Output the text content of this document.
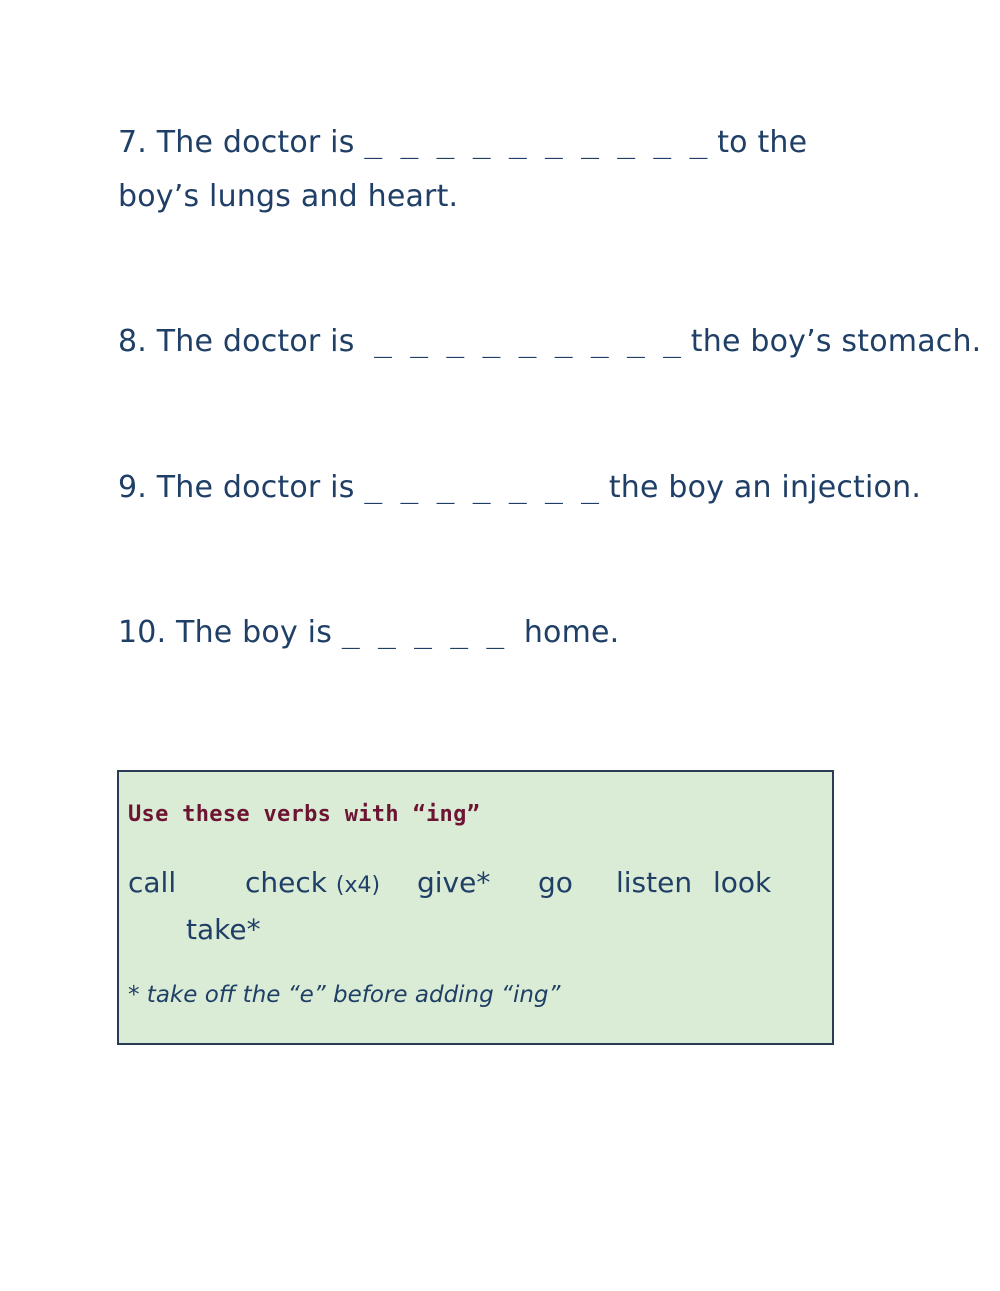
7. The doctor is _ _ _ _ _ _ _ _ _ _ to the boy’s lungs and heart.
8. The doctor is  _ _ _ _ _ _ _ _ _ the boy’s stomach.
9. The doctor is _ _ _ _ _ _ _ the boy an injection.
10. The boy is _ _ _ _ _  home.
Use these verbs with “ing”
call check (x4) give* go listen look
take*
* take off the “e” before adding “ing”
